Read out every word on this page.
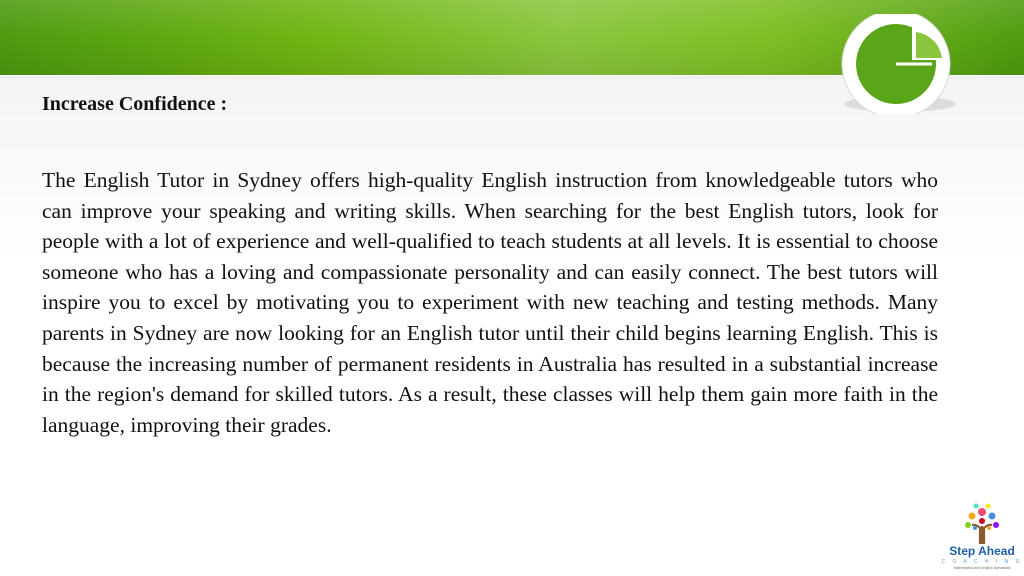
Increase Confidence :

The English Tutor in Sydney offers high-quality English instruction from knowledgeable tutors who can improve your speaking and writing skills. When searching for the best English tutors, look for people with a lot of experience and well-qualified to teach students at all levels. It is essential to choose someone who has a loving and compassionate personality and can easily connect. The best tutors will inspire you to excel by motivating you to experiment with new teaching and testing methods. Many parents in Sydney are now looking for an English tutor until their child begins learning English. This is because the increasing number of permanent residents in Australia has resulted in a substantial increase in the region's demand for skilled tutors. As a result, these classes will help them gain more faith in the language, improving their grades.

Step Ahead
C O A C H I N G
Mathematics and English Specialists
